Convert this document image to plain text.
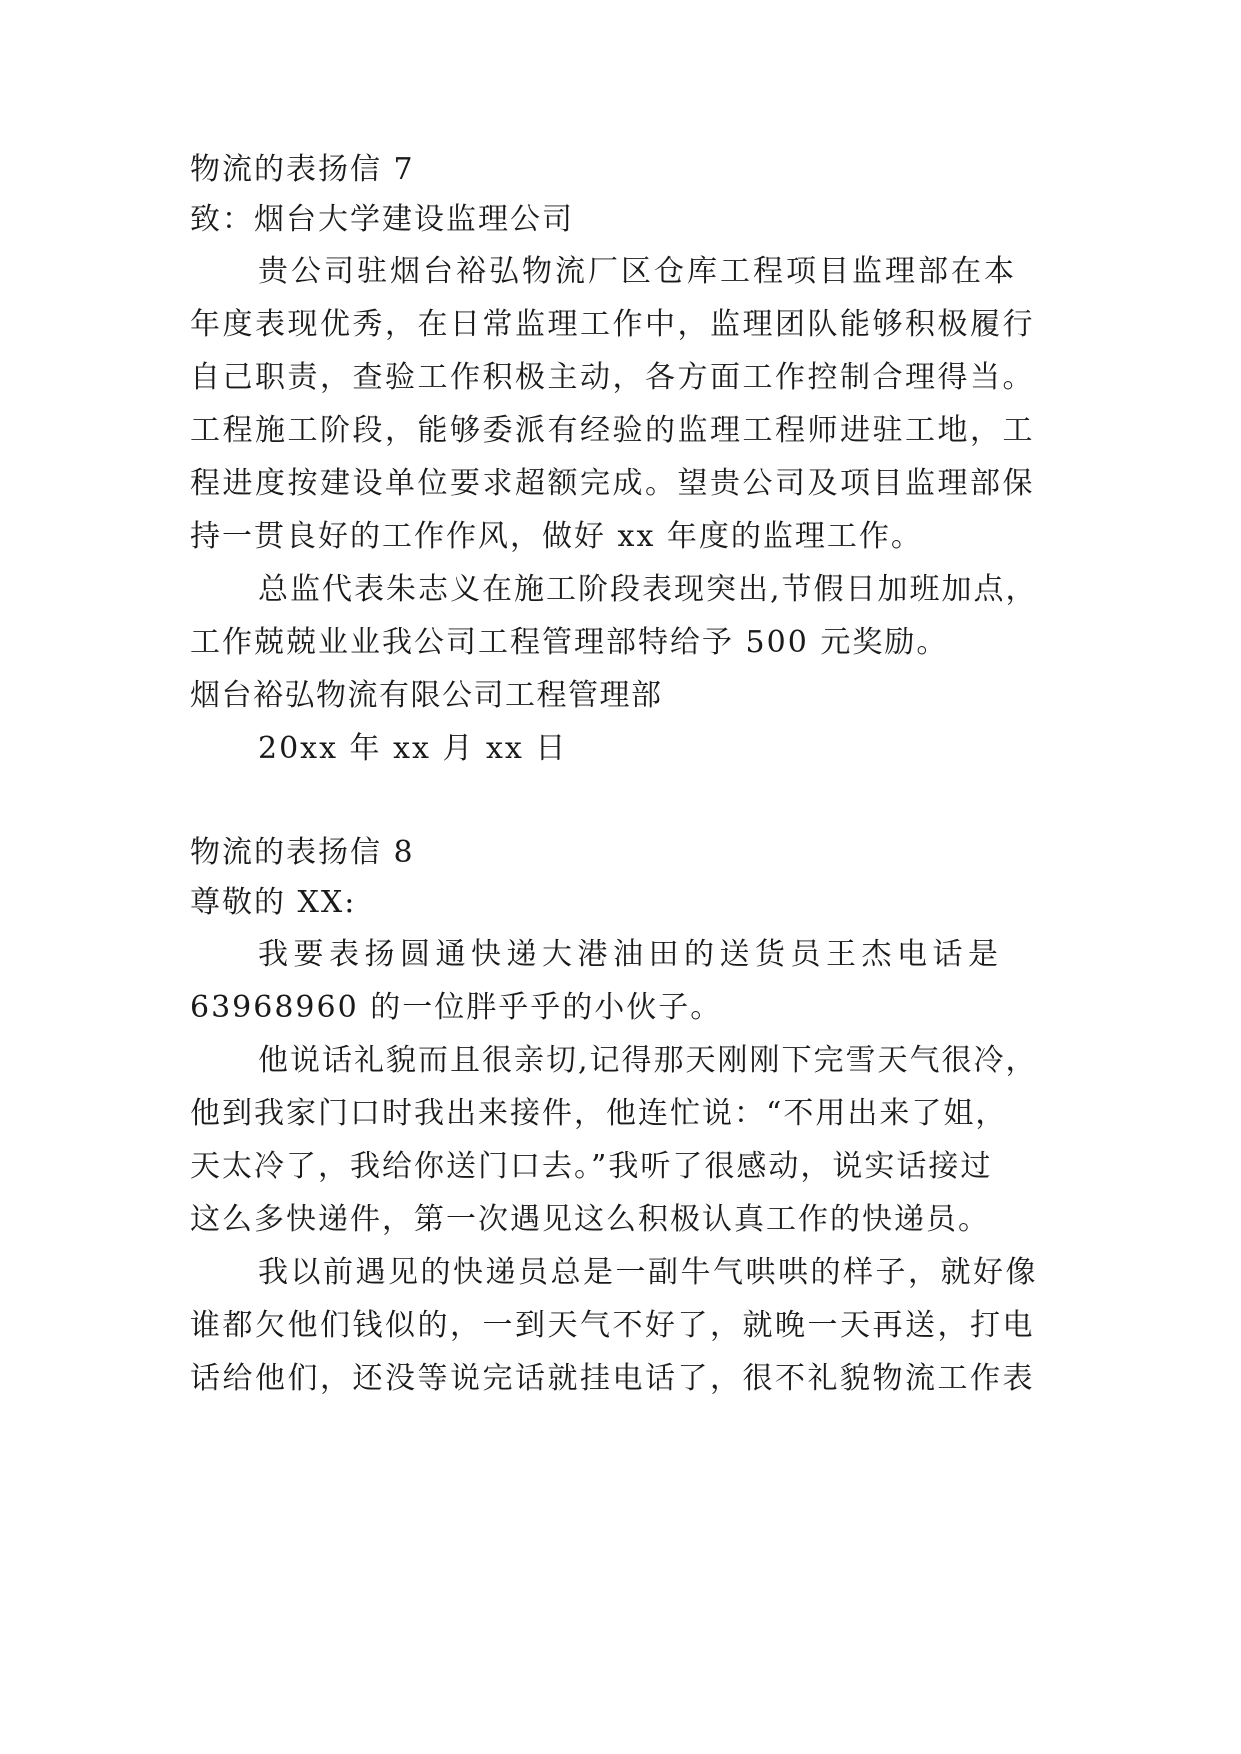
物流的表扬信 7
致：烟台大学建设监理公司
贵公司驻烟台裕弘物流厂区仓库工程项目监理部在本
年度表现优秀，在日常监理工作中，监理团队能够积极履行
自己职责，查验工作积极主动，各方面工作控制合理得当。
工程施工阶段，能够委派有经验的监理工程师进驻工地，工
程进度按建设单位要求超额完成。望贵公司及项目监理部保
持一贯良好的工作作风，做好 xx 年度的监理工作。
总监代表朱志义在施工阶段表现突出,节假日加班加点，
工作兢兢业业我公司工程管理部特给予 500 元奖励。
烟台裕弘物流有限公司工程管理部
20xx 年 xx 月 xx 日
物流的表扬信 8
尊敬的 XX:
我要表扬圆通快递大港油田的送货员王杰电话是
63968960 的一位胖乎乎的小伙子。
他说话礼貌而且很亲切,记得那天刚刚下完雪天气很冷，
他到我家门口时我出来接件，他连忙说：“不用出来了姐，
天太冷了，我给你送门口去。”我听了很感动，说实话接过
这么多快递件，第一次遇见这么积极认真工作的快递员。
我以前遇见的快递员总是一副牛气哄哄的样子，就好像
谁都欠他们钱似的，一到天气不好了，就晚一天再送，打电
话给他们，还没等说完话就挂电话了，很不礼貌物流工作表
